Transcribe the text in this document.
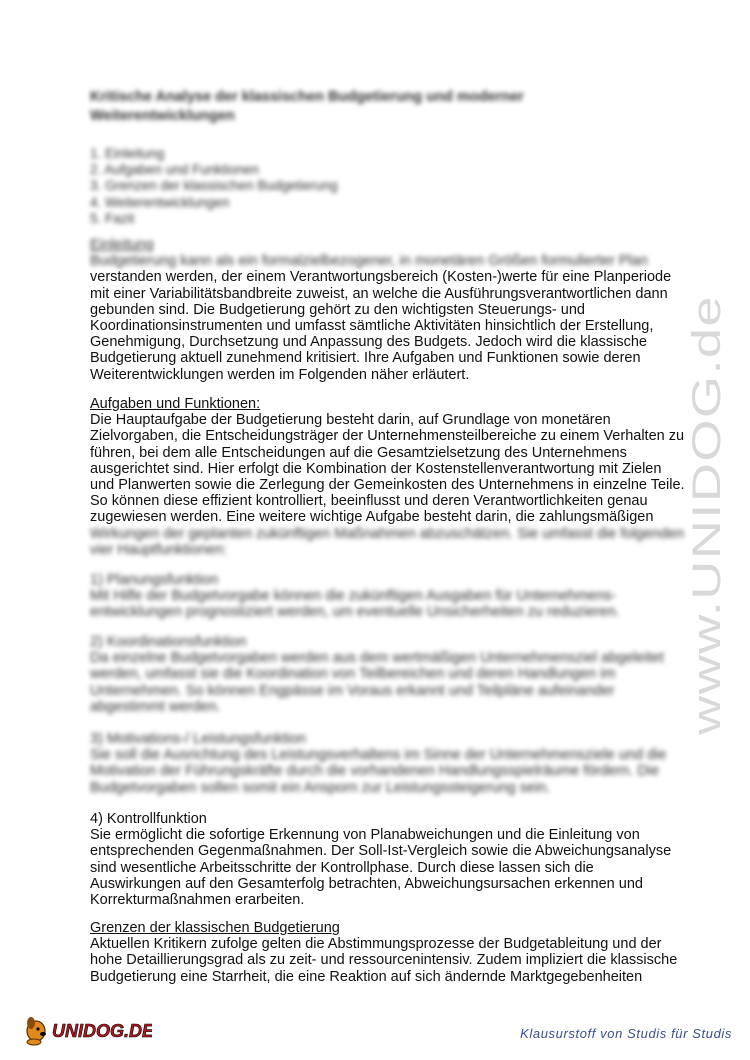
Kritische Analyse der klassischen Budgetierung und moderner Weiterentwicklungen
1. Einleitung
2. Aufgaben und Funktionen
3. Grenzen der klassischen Budgetierung
4. Weiterentwicklungen
5. Fazit
Einleitung
Budgetierung kann als ein formalzielbezogener, in monetären Größen formulierter Plan
verstanden werden, der einem Verantwortungsbereich (Kosten-)werte für eine Planperiode
mit einer Variabilitätsbandbreite zuweist, an welche die Ausführungsverantwortlichen dann
gebunden sind. Die Budgetierung gehört zu den wichtigsten Steuerungs- und
Koordinationsinstrumenten und umfasst sämtliche Aktivitäten hinsichtlich der Erstellung,
Genehmigung, Durchsetzung und Anpassung des Budgets. Jedoch wird die klassische
Budgetierung aktuell zunehmend kritisiert. Ihre Aufgaben und Funktionen sowie deren
Weiterentwicklungen werden im Folgenden näher erläutert.
Aufgaben und Funktionen:
Die Hauptaufgabe der Budgetierung besteht darin, auf Grundlage von monetären
Zielvorgaben, die Entscheidungsträger der Unternehmensteilbereiche zu einem Verhalten zu
führen, bei dem alle Entscheidungen auf die Gesamtzielsetzung des Unternehmens
ausgerichtet sind. Hier erfolgt die Kombination der Kostenstellenverantwortung mit Zielen
und Planwerten sowie die Zerlegung der Gemeinkosten des Unternehmens in einzelne Teile.
So können diese effizient kontrolliert, beeinflusst und deren Verantwortlichkeiten genau
zugewiesen werden. Eine weitere wichtige Aufgabe besteht darin, die zahlungsmäßigen
Wirkungen der geplanten zukünftigen Maßnahmen abzuschätzen. Sie umfasst die folgenden
vier Hauptfunktionen:
1) Planungsfunktion
Mit Hilfe der Budgetvorgabe können die zukünftigen Ausgaben für Unternehmens-
entwicklungen prognostiziert werden, um eventuelle Unsicherheiten zu reduzieren.
2) Koordinationsfunktion
Da einzelne Budgetvorgaben werden aus dem wertmäßigen Unternehmensziel abgeleitet
werden, umfasst sie die Koordination von Teilbereichen und deren Handlungen im
Unternehmen. So können Engpässe im Voraus erkannt und Teilpläne aufeinander
abgestimmt werden.
3) Motivations-/ Leistungsfunktion
Sie soll die Ausrichtung des Leistungsverhaltens im Sinne der Unternehmensziele und die
Motivation der Führungskräfte durch die vorhandenen Handlungsspielräume fördern. Die
Budgetvorgaben sollen somit ein Ansporn zur Leistungssteigerung sein.
4) Kontrollfunktion
Sie ermöglicht die sofortige Erkennung von Planabweichungen und die Einleitung von
entsprechenden Gegenmaßnahmen. Der Soll-Ist-Vergleich sowie die Abweichungsanalyse
sind wesentliche Arbeitsschritte der Kontrollphase. Durch diese lassen sich die
Auswirkungen auf den Gesamterfolg betrachten, Abweichungsursachen erkennen und
Korrekturmaßnahmen erarbeiten.
Grenzen der klassischen Budgetierung
Aktuellen Kritikern zufolge gelten die Abstimmungsprozesse der Budgetableitung und der
hohe Detaillierungsgrad als zu zeit- und ressourcenintensiv. Zudem impliziert die klassische
Budgetierung eine Starrheit, die eine Reaktion auf sich ändernde Marktgegebenheiten
www.UNIDOG.de
UNIDOG.DE	Klausurstoff von Studis für Studis
